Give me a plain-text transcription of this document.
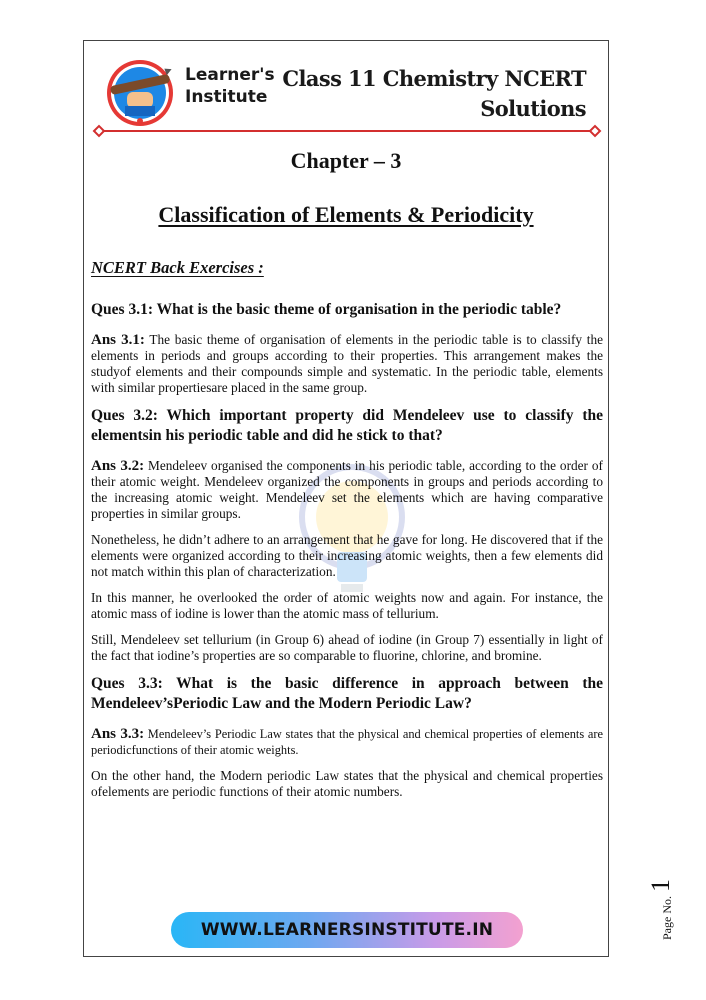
Learner's
Institute
Class 11 Chemistry NCERT
Solutions
Chapter – 3
Classification of Elements & Periodicity
NCERT Back Exercises :
Ques 3.1: What is the basic theme of organisation in the periodic table?
Ans 3.1: The basic theme of organisation of elements in the periodic table is to classify the elements in periods and groups according to their properties. This arrangement makes the studyof elements and their compounds simple and systematic. In the periodic table, elements with similar propertiesare placed in the same group.
Ques 3.2: Which important property did Mendeleev use to classify the elementsin his periodic table and did he stick to that?
Ans 3.2: Mendeleev organised the components in his periodic table, according to the order of their atomic weight. Mendeleev organized the components in groups and periods according to the increasing atomic weight. Mendeleev set the elements which are having comparative properties in similar groups.
Nonetheless, he didn’t adhere to an arrangement that he gave for long. He discovered that if the elements were organized according to their increasing atomic weights, then a few elements did not match within this plan of characterization.
In this manner, he overlooked the order of atomic weights now and again. For instance, the atomic mass of iodine is lower than the atomic mass of tellurium.
Still, Mendeleev set tellurium (in Group 6) ahead of iodine (in Group 7) essentially in light of the fact that iodine’s properties are so comparable to fluorine, chlorine, and bromine.
Ques 3.3: What is the basic difference in approach between the Mendeleev’sPeriodic Law and the Modern Periodic Law?
Ans 3.3: Mendeleev’s Periodic Law states that the physical and chemical properties of elements are periodicfunctions of their atomic weights.
On the other hand, the Modern periodic Law states that the physical and chemical properties ofelements are periodic functions of their atomic numbers.
WWW.LEARNERSINSTITUTE.IN	Page No.
1
